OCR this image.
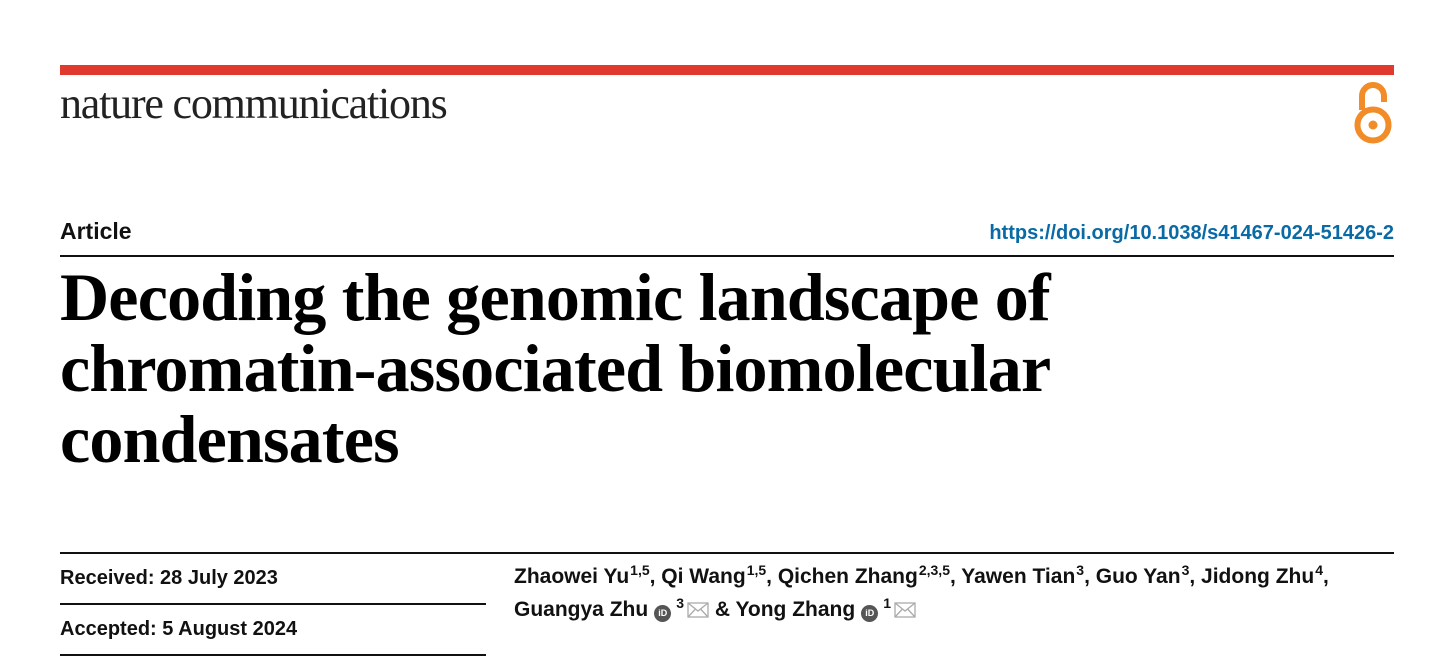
nature communications
Article	https://doi.org/10.1038/s41467-024-51426-2
Decoding the genomic landscape of
chromatin-associated biomolecular
condensates
Received: 28 July 2023
Accepted: 5 August 2024
Zhaowei Yu$^{1,5}$, Qi Wang$^{1,5}$, Qichen Zhang$^{2,3,5}$, Yawen Tian$^3$, Guo Yan$^3$, Jidong Zhu$^4$,
Guangya Zhu $iD^3$ & Yong Zhang $iD^1$
